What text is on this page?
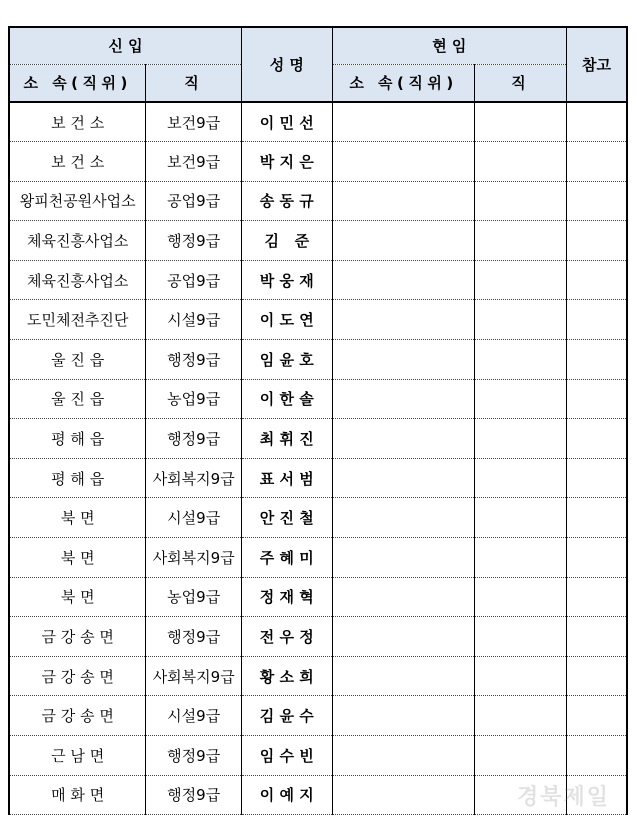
신 입		성 명	현 임		참고
소 속(직위)	직		소 속(직위)	직	
보 건 소	보건9급	이민선			
보 건 소	보건9급	박지은			
왕피천공원사업소	공업9급	송동규			
체육진흥사업소	행정9급	김 준			
체육진흥사업소	공업9급	박웅재			
도민체전추진단	시설9급	이도연			
울 진 읍	행정9급	임윤호			
울 진 읍	농업9급	이한솔			
평 해 읍	행정9급	최휘진			
평 해 읍	사회복지9급	표서범			
북 면	시설9급	안진철			
북 면	사회복지9급	주혜미			
북 면	농업9급	정재혁			
금 강 송 면	행정9급	전우정			
금 강 송 면	사회복지9급	황소희			
금 강 송 면	시설9급	김윤수			
근 남 면	행정9급	임수빈			
매 화 면	행정9급	이예지				경북제일
